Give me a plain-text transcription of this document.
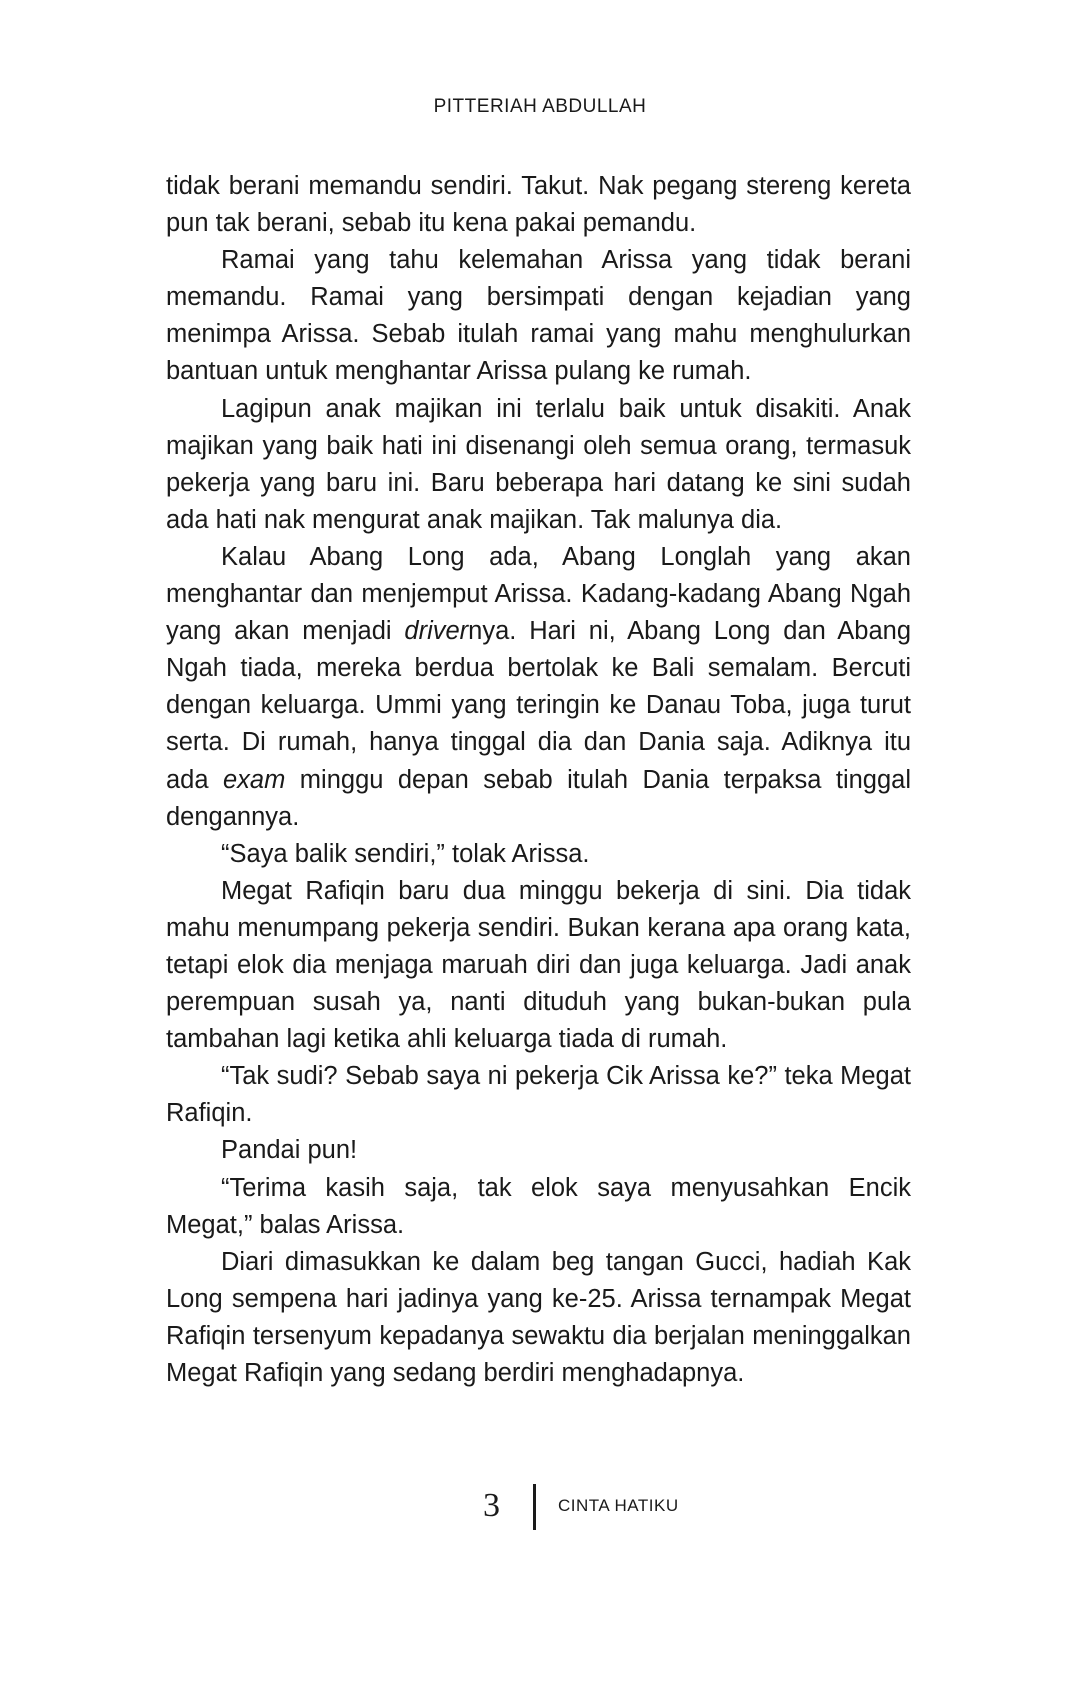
PITTERIAH ABDULLAH

tidak berani memandu sendiri. Takut. Nak pegang stereng kereta pun tak berani, sebab itu kena pakai pemandu.

Ramai yang tahu kelemahan Arissa yang tidak berani memandu. Ramai yang bersimpati dengan kejadian yang menimpa Arissa. Sebab itulah ramai yang mahu menghulurkan bantuan untuk menghantar Arissa pulang ke rumah.

Lagipun anak majikan ini terlalu baik untuk disakiti. Anak majikan yang baik hati ini disenangi oleh semua orang, termasuk pekerja yang baru ini. Baru beberapa hari datang ke sini sudah ada hati nak mengurat anak majikan. Tak malunya dia.

Kalau Abang Long ada, Abang Longlah yang akan menghantar dan menjemput Arissa. Kadang-kadang Abang Ngah yang akan menjadi drivernya. Hari ni, Abang Long dan Abang Ngah tiada, mereka berdua bertolak ke Bali semalam. Bercuti dengan keluarga. Ummi yang teringin ke Danau Toba, juga turut serta. Di rumah, hanya tinggal dia dan Dania saja. Adiknya itu ada exam minggu depan sebab itulah Dania terpaksa tinggal dengannya.

“Saya balik sendiri,” tolak Arissa.

Megat Rafiqin baru dua minggu bekerja di sini. Dia tidak mahu menumpang pekerja sendiri. Bukan kerana apa orang kata, tetapi elok dia menjaga maruah diri dan juga keluarga. Jadi anak perempuan susah ya, nanti dituduh yang bukan-bukan pula tambahan lagi ketika ahli keluarga tiada di rumah.

“Tak sudi? Sebab saya ni pekerja Cik Arissa ke?” teka Megat Rafiqin.

Pandai pun!

“Terima kasih saja, tak elok saya menyusahkan Encik Megat,” balas Arissa.

Diari dimasukkan ke dalam beg tangan Gucci, hadiah Kak Long sempena hari jadinya yang ke-25. Arissa ternampak Megat Rafiqin tersenyum kepadanya sewaktu dia berjalan meninggalkan Megat Rafiqin yang sedang berdiri menghadapnya.

3	CINTA HATIKU
